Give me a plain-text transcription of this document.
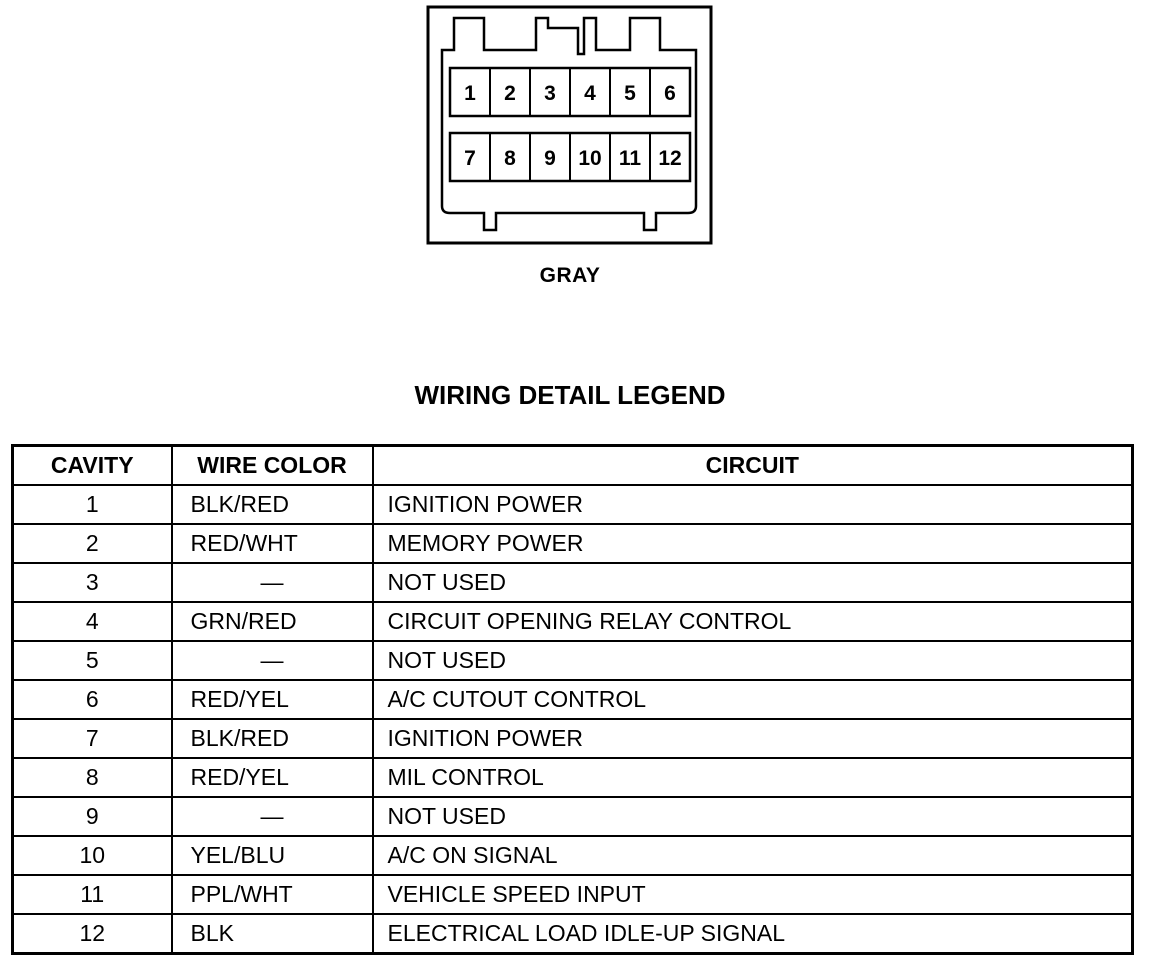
1 2 3 4 5 6
7 8 9 10 11 12
GRAY
WIRING DETAIL LEGEND
CAVITY	WIRE COLOR	CIRCUIT
1	BLK/RED	IGNITION POWER
2	RED/WHT	MEMORY POWER
3	—	NOT USED
4	GRN/RED	CIRCUIT OPENING RELAY CONTROL
5	—	NOT USED
6	RED/YEL	A/C CUTOUT CONTROL
7	BLK/RED	IGNITION POWER
8	RED/YEL	MIL CONTROL
9	—	NOT USED
10	YEL/BLU	A/C ON SIGNAL
11	PPL/WHT	VEHICLE SPEED INPUT
12	BLK	ELECTRICAL LOAD IDLE-UP SIGNAL
